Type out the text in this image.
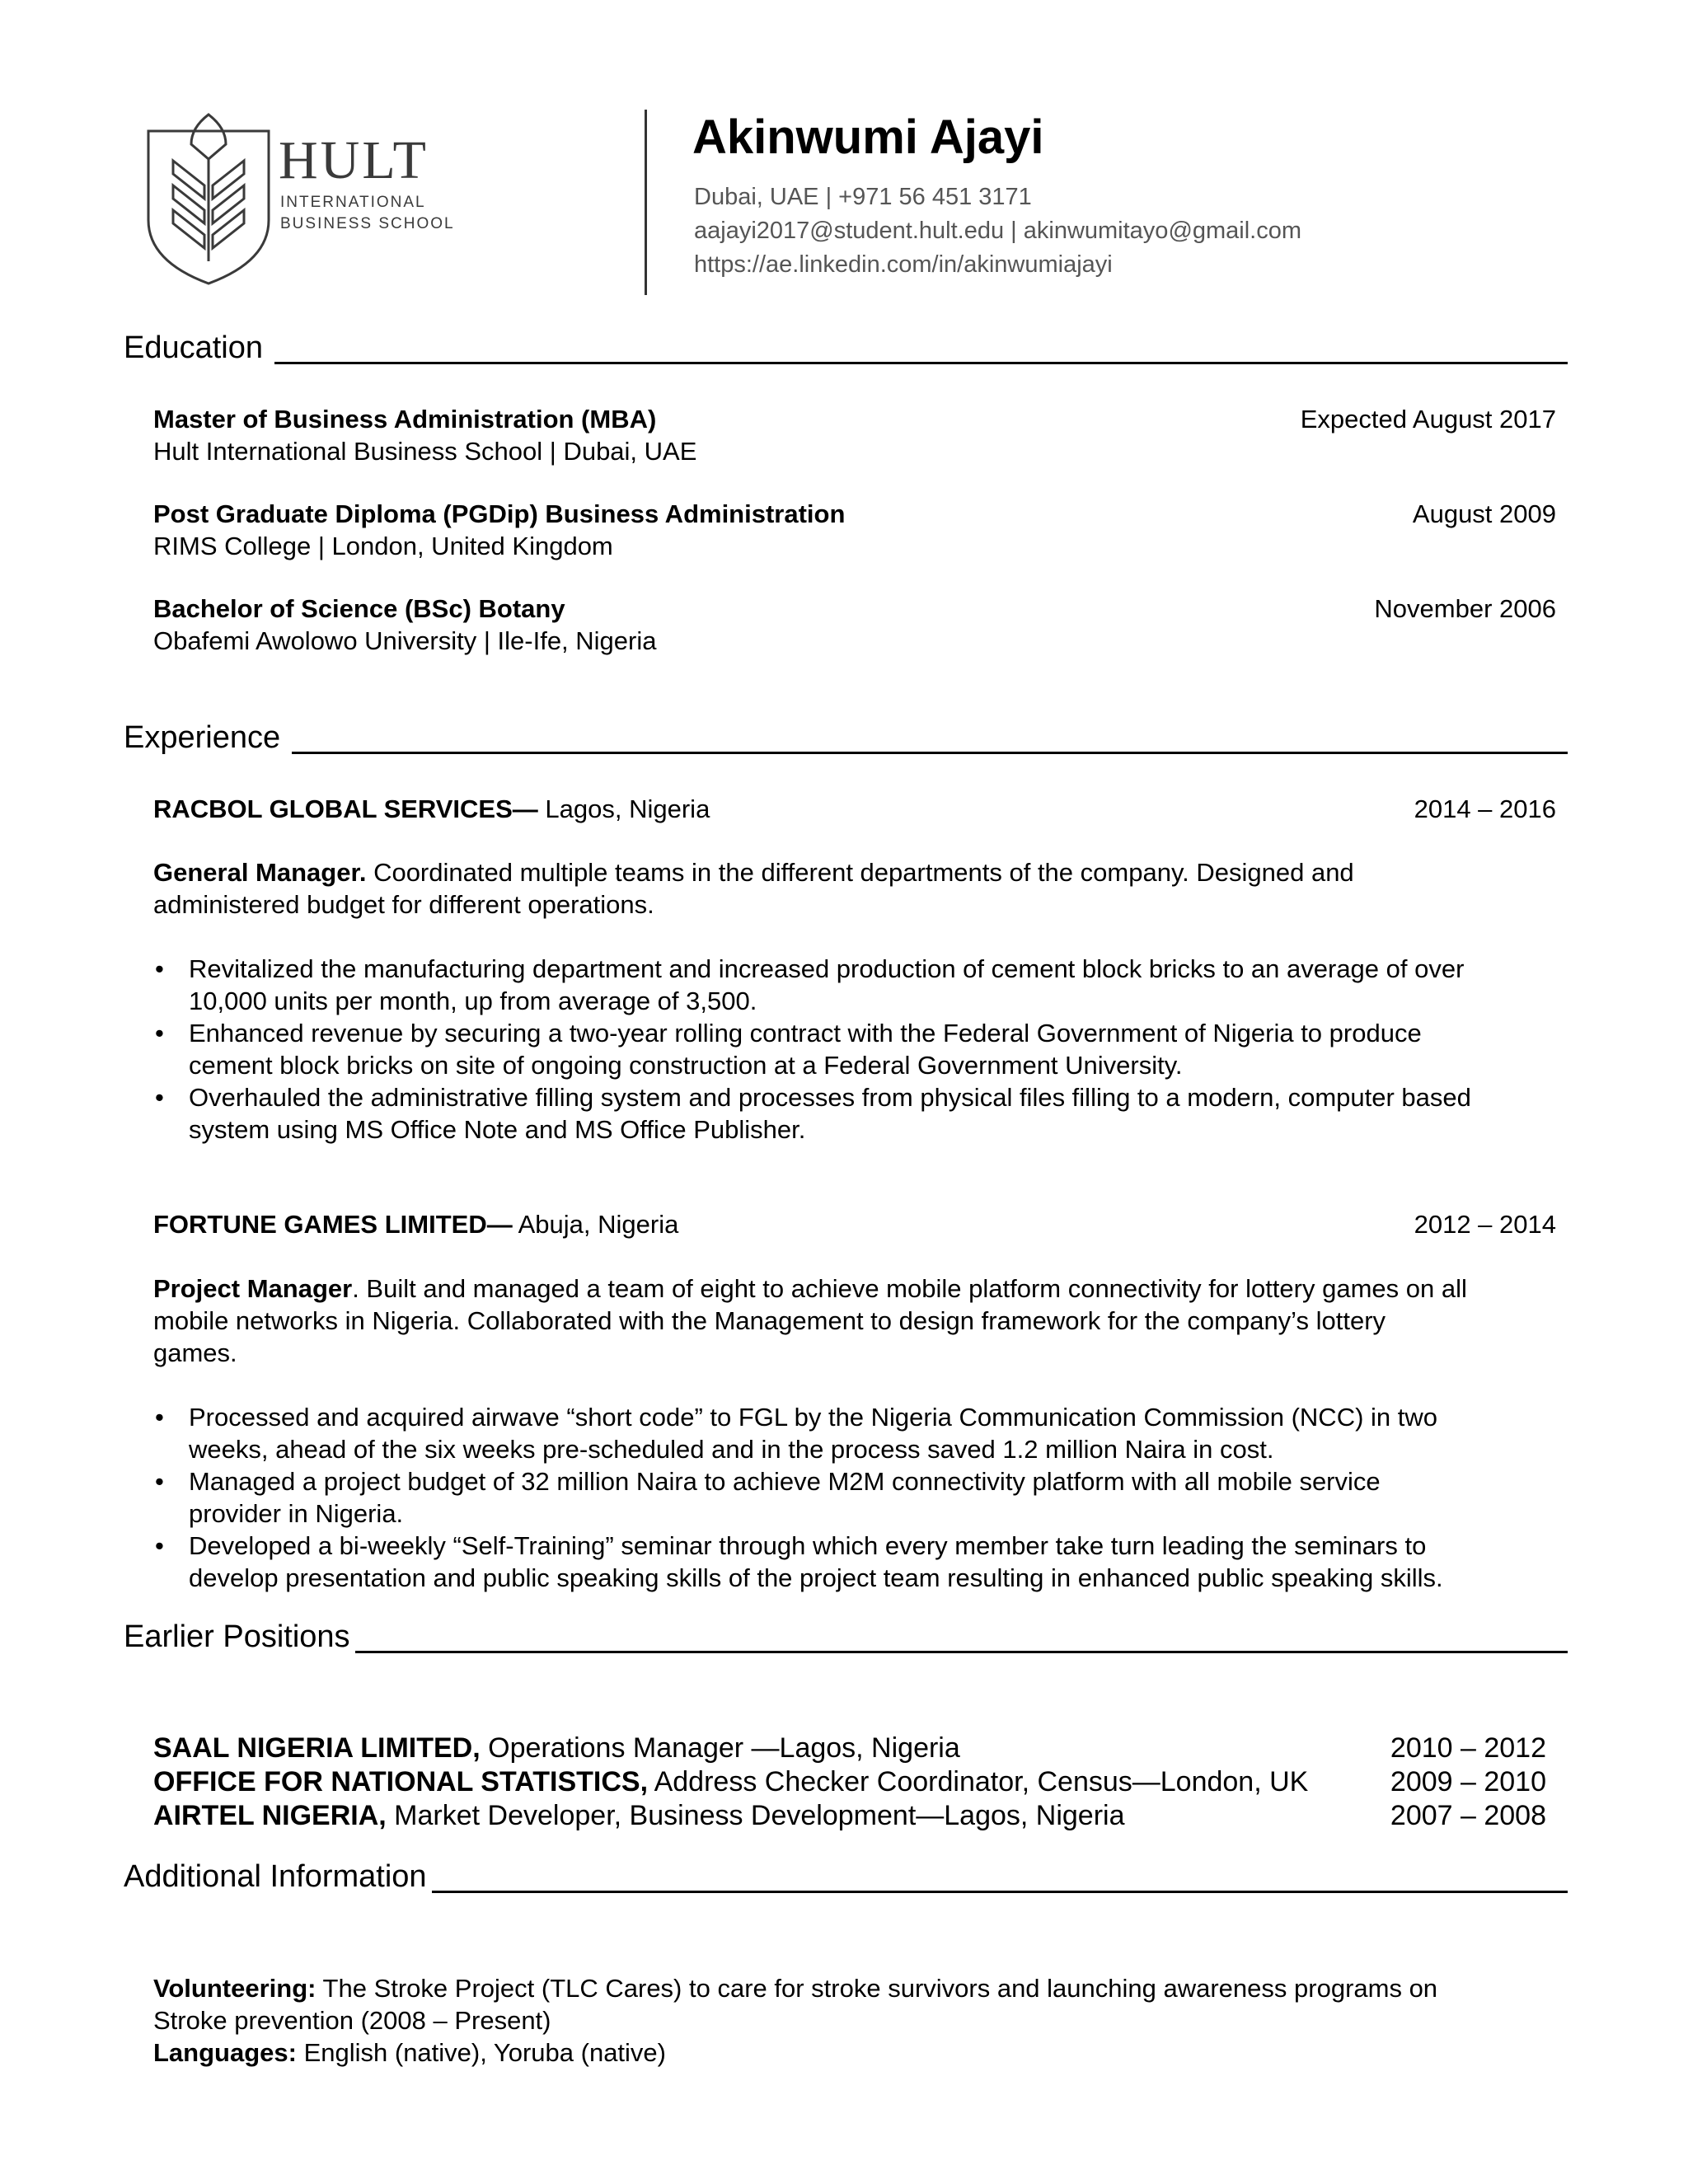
HULT
INTERNATIONAL
BUSINESS SCHOOL
Akinwumi Ajayi
Dubai, UAE | +971 56 451 3171
aajayi2017@student.hult.edu | akinwumitayo@gmail.com
https://ae.linkedin.com/in/akinwumiajayi
Education
Master of Business Administration (MBA)	Expected August 2017
Hult International Business School | Dubai, UAE
Post Graduate Diploma (PGDip) Business Administration	August 2009
RIMS College | London, United Kingdom
Bachelor of Science (BSc) Botany	November 2006
Obafemi Awolowo University | Ile-Ife, Nigeria
Experience
RACBOL GLOBAL SERVICES— Lagos, Nigeria	2014 – 2016
General Manager. Coordinated multiple teams in the different departments of the company. Designed and
administered budget for different operations.
• Revitalized the manufacturing department and increased production of cement block bricks to an average of over
10,000 units per month, up from average of 3,500.
• Enhanced revenue by securing a two-year rolling contract with the Federal Government of Nigeria to produce
cement block bricks on site of ongoing construction at a Federal Government University.
• Overhauled the administrative filling system and processes from physical files filling to a modern, computer based
system using MS Office Note and MS Office Publisher.
FORTUNE GAMES LIMITED— Abuja, Nigeria	2012 – 2014
Project Manager. Built and managed a team of eight to achieve mobile platform connectivity for lottery games on all
mobile networks in Nigeria. Collaborated with the Management to design framework for the company’s lottery
games.
• Processed and acquired airwave “short code” to FGL by the Nigeria Communication Commission (NCC) in two
weeks, ahead of the six weeks pre-scheduled and in the process saved 1.2 million Naira in cost.
• Managed a project budget of 32 million Naira to achieve M2M connectivity platform with all mobile service
provider in Nigeria.
• Developed a bi-weekly “Self-Training” seminar through which every member take turn leading the seminars to
develop presentation and public speaking skills of the project team resulting in enhanced public speaking skills.
Earlier Positions
SAAL NIGERIA LIMITED, Operations Manager —Lagos, Nigeria	2010 – 2012
OFFICE FOR NATIONAL STATISTICS, Address Checker Coordinator, Census—London, UK	2009 – 2010
AIRTEL NIGERIA, Market Developer, Business Development—Lagos, Nigeria	2007 – 2008
Additional Information
Volunteering: The Stroke Project (TLC Cares) to care for stroke survivors and launching awareness programs on
Stroke prevention (2008 – Present)
Languages: English (native), Yoruba (native)
